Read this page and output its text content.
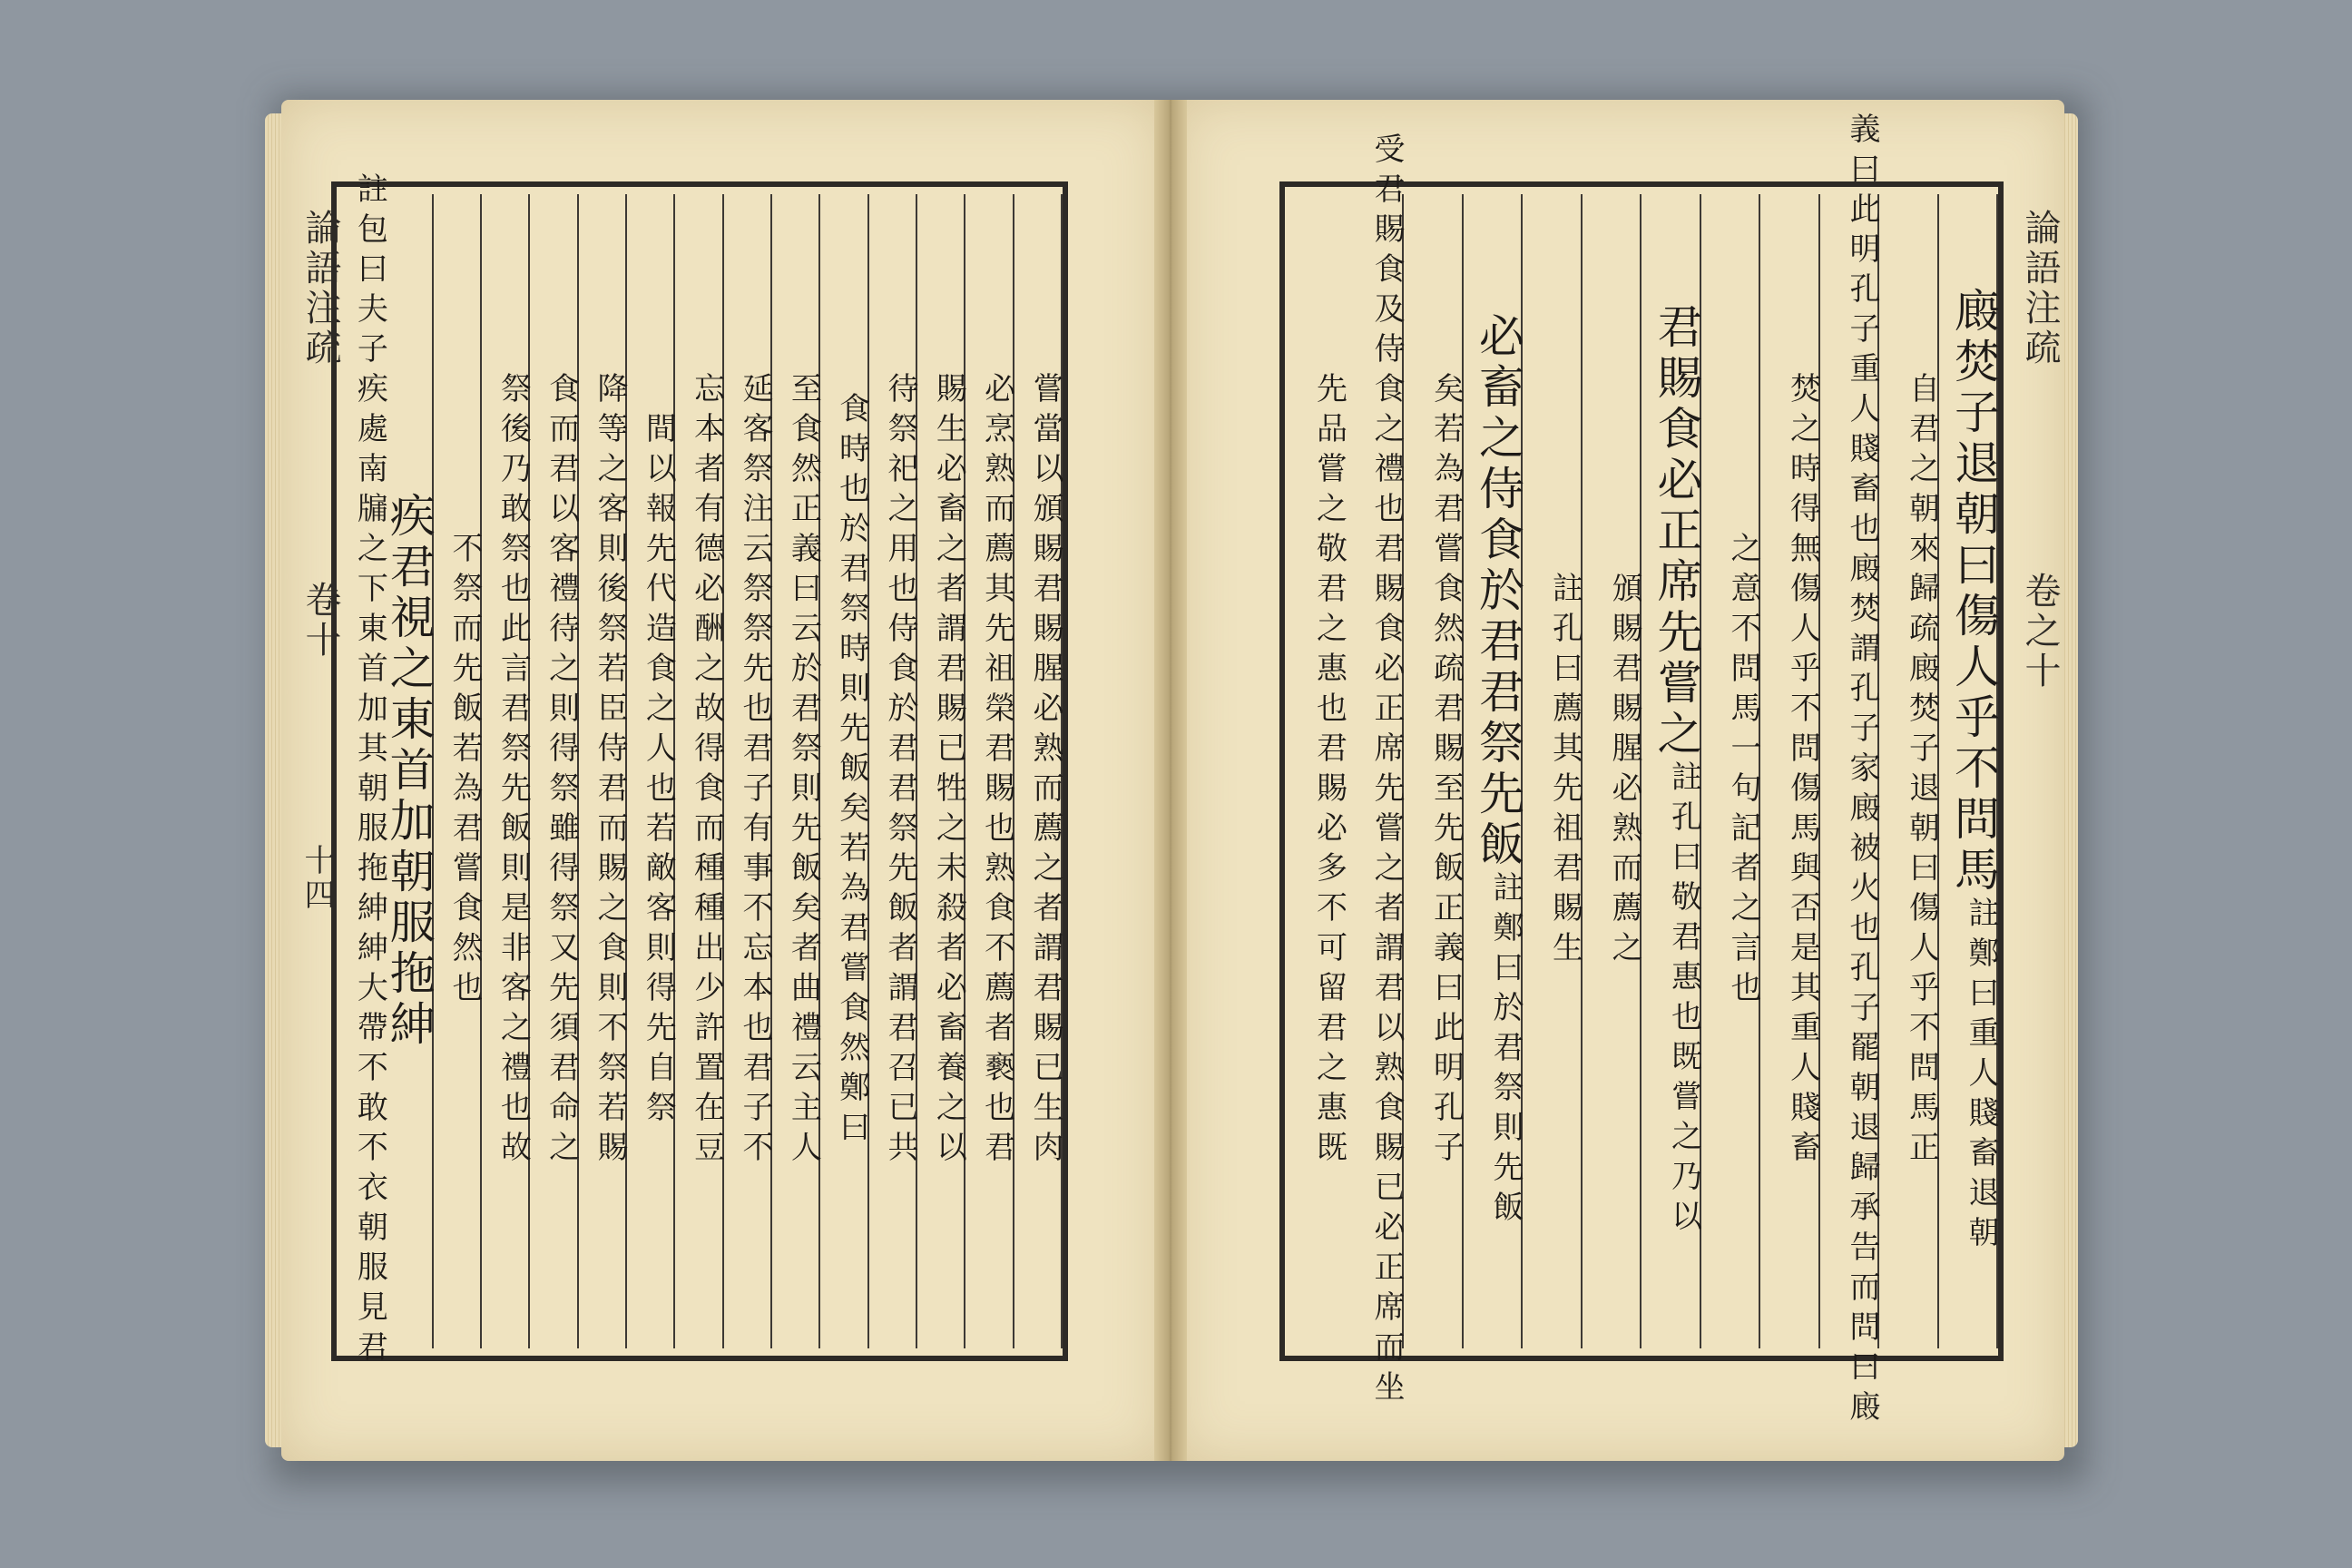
論語注疏
卷十
十四
論語注疏
卷之十
嘗當以頒賜君賜腥必熟而薦之者謂君賜已生肉
必烹熟而薦其先祖榮君賜也熟食不薦者褻也君
賜生必畜之者謂君賜已牲之未殺者必畜養之以
待祭祀之用也侍食於君君祭先飯者謂君召已共
食時也於君祭時則先飯矣若為君嘗食然鄭曰
至食然正義曰云於君祭則先飯矣者曲禮云主人
延客祭注云祭祭先也君子有事不忘本也君子不
忘本者有德必酬之故得食而種種出少許置在豆
間以報先代造食之人也若敵客則得先自祭
降等之客則後祭若臣侍君而賜之食則不祭若賜
食而君以客禮待之則得祭雖得祭又先須君命之
祭後乃敢祭也此言君祭先飯則是非客之禮也故
不祭而先飯若為君嘗食然也
疾君視之東首加朝服拖紳
註包曰夫子疾處南牖之下東首加其朝服拖紳紳大帶不敢不衣朝服見君	廄焚子退朝曰傷人乎不問馬
註鄭曰重人賤畜退朝
自君之朝來歸疏廄焚子退朝曰傷人乎不問馬正
義曰此明孔子重人賤畜也廄焚謂孔子家廄被火也孔子罷朝退歸承告而問曰廄
焚之時得無傷人乎不問傷馬與否是其重人賤畜
之意不問馬一句記者之言也
君賜食必正席先嘗之
註孔曰敬君惠也既嘗之乃以
頒賜君賜腥必熟而薦之
註孔曰薦其先祖君賜生
必畜之侍食於君君祭先飯
註鄭曰於君祭則先飯
矣若為君嘗食然疏君賜至先飯正義曰此明孔子
受君賜食及侍食之禮也君賜食必正席先嘗之者謂君以熟食賜已必正席而坐
先品嘗之敬君之惠也君賜必多不可留君之惠既
